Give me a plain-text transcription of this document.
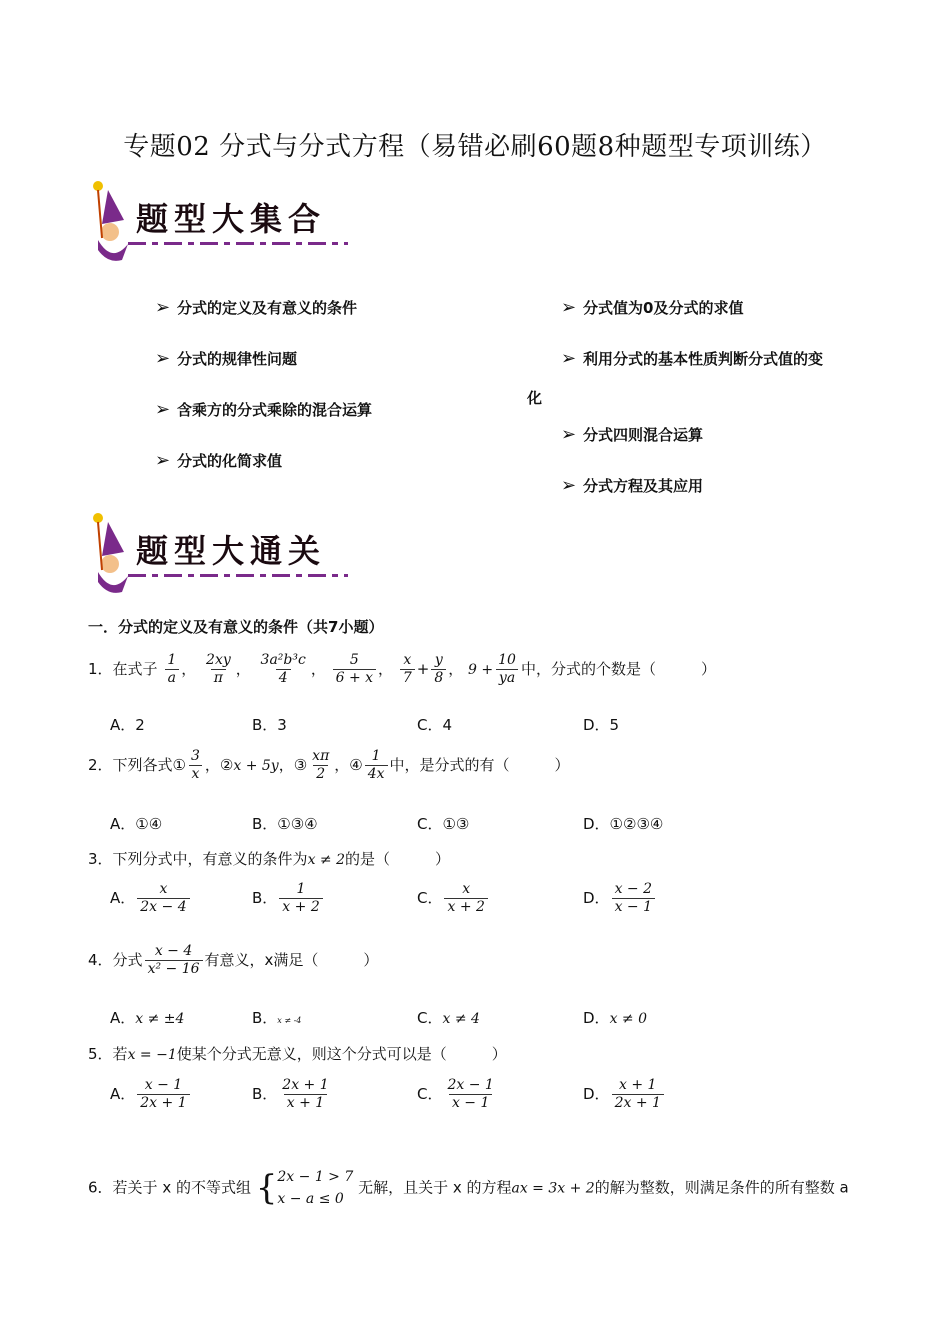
专题02 分式与分式方程（易错必刷60题8种题型专项训练）
题型大集合
➢ 分式的定义及有意义的条件
➢ 分式的规律性问题
➢ 含乘方的分式乘除的混合运算
➢ 分式的化简求值
➢ 分式值为0及分式的求值
➢ 利用分式的基本性质判断分式值的变
化
➢ 分式四则混合运算
➢ 分式方程及其应用
题型大通关
一．分式的定义及有意义的条件（共7小题）
1．在式子 $\frac{1}{a}$ ， $\frac{2xy}{\pi}$ ， $\frac{\text{3a²b³c}}{4}$ ， $\frac{5}{6 + x}$ ， $\frac{x}{7} + \frac{y}{8}$ ， $9 + \frac{10}{ya}$ 中，分式的个数是（　　　）
A．2	B．3	C．4	D．5
2．下列各式① $\frac{3}{x}$ ，②x + 5y，③ $\frac{x\pi}{2}$ ，④ $\frac{1}{4x}$ 中，是分式的有（　　　）
A．①④	B．①③④	C．①③	D．①②③④
3．下列分式中，有意义的条件为x ≠ 2的是（　　　）
A． $\frac{x}{2x - 4}$	B． $\frac{1}{x + 2}$	C． $\frac{x}{x + 2}$	D． $\frac{x - 2}{x - 1}$
4．分式 $\frac{x - 4}{\text{x² − 16}}$ 有意义，x满足（　　　）
A．x ≠ ±4	B．x ≠ -4	C．x ≠ 4	D．x ≠ 0
5．若x = −1使某个分式无意义，则这个分式可以是（　　　）
A． $\frac{x - 1}{2x + 1}$	B． $\frac{2x + 1}{x + 1}$	C． $\frac{2x - 1}{x - 1}$	D． $\frac{x + 1}{2x + 1}$
6．若关于 x 的不等式组 { 2x − 1 > 7
x − a ≤ 0
无解，且关于 x 的方程ax = 3x + 2的解为整数，则满足条件的所有整数 a
